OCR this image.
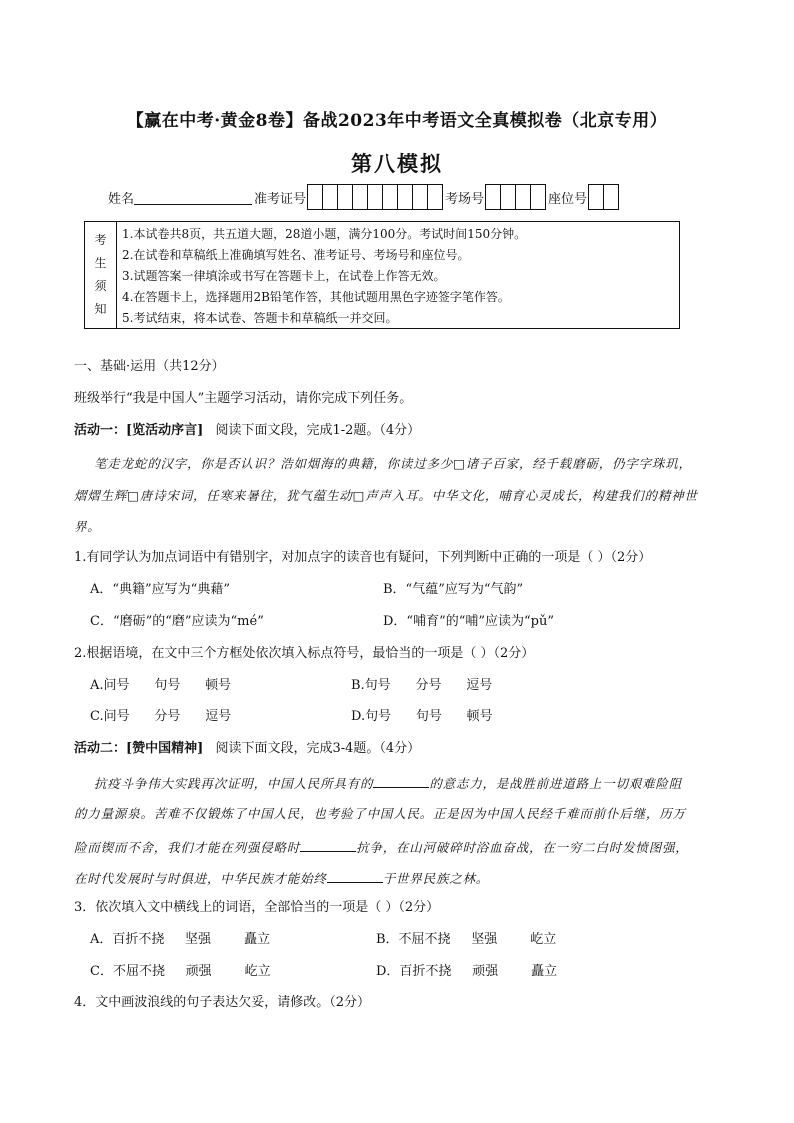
【赢在中考·黄金8卷】备战2023年中考语文全真模拟卷（北京专用）
第八模拟
姓名	准考证号	考场号	座位号
考
生
须
知
1.本试卷共8页，共五道大题，28道小题，满分100分。考试时间150分钟。
2.在试卷和草稿纸上准确填写姓名、准考证号、考场号和座位号。
3.试题答案一律填涂或书写在答题卡上，在试卷上作答无效。
4.在答题卡上，选择题用2B铅笔作答，其他试题用黑色字迹签字笔作答。
5.考试结束，将本试卷、答题卡和草稿纸一并交回。
一、基础·运用（共12分）
班级举行“我是中国人”主题学习活动，请你完成下列任务。
活动一：[览活动序言] 阅读下面文段，完成1-2题。（4分）
笔走龙蛇的汉字，你是否认识？浩如烟海的典籍，你读过多少□诸子百家，经千载磨砺，仍字字珠玑，
熠熠生辉□唐诗宋词，任寒来暑往，犹气蕴生动□声声入耳。中华文化，哺育心灵成长，构建我们的精神世
界。
1.有同学认为加点词语中有错别字，对加点字的读音也有疑问，下列判断中正确的一项是（ ）（2分）
A．“典籍”应写为“典藉”	B．“气蕴”应写为“气韵”
C．“磨砺”的“磨”应读为“mé”	D．“哺育”的“哺”应读为“pǔ”
2.根据语境，在文中三个方框处依次填入标点符号，最恰当的一项是（ ）（2分）
A.问号      句号      顿号	B.句号      分号      逗号
C.问号      分号      逗号	D.句号      句号      顿号
活动二：[赞中国精神] 阅读下面文段，完成3-4题。（4分）
抗疫斗争伟大实践再次证明，中国人民所具有的	的意志力，是战胜前进道路上一切艰难险阻
的力量源泉。苦难不仅锻炼了中国人民，也考验了中国人民。正是因为中国人民经千难而前仆后继，历万
险而锲而不舍，我们才能在列强侵略时	抗争，在山河破碎时浴血奋战，在一穷二白时发愤图强，
在时代发展时与时俱进，中华民族才能始终	于世界民族之林。
3．依次填入文中横线上的词语，全部恰当的一项是（ ）（2分）
A．百折不挠     坚强        矗立	B．不屈不挠     坚强        屹立
C．不屈不挠     顽强        屹立	D．百折不挠     顽强        矗立
4．文中画波浪线的句子表达欠妥，请修改。（2分）
